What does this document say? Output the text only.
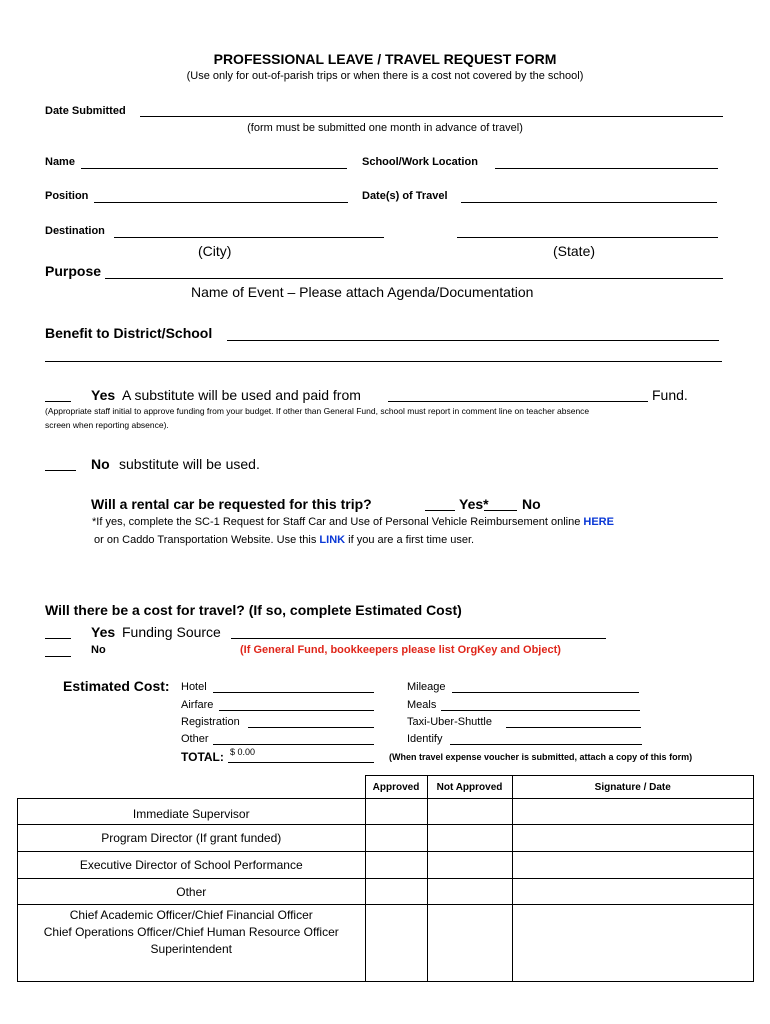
PROFESSIONAL LEAVE / TRAVEL REQUEST FORM
(Use only for out-of-parish trips or when there is a cost not covered by the school)
Date Submitted
(form must be submitted one month in advance of travel)
Name	School/Work Location
Position	Date(s) of Travel
Destination
(City)	(State)
Purpose
Name of Event – Please attach Agenda/Documentation
Benefit to District/School
Yes A substitute will be used and paid from	Fund.
(Appropriate staff initial to approve funding from your budget. If other than General Fund, school must report in comment line on teacher absence
screen when reporting absence).
No substitute will be used.
Will a rental car be requested for this trip?	Yes* No
*If yes, complete the SC-1 Request for Staff Car and Use of Personal Vehicle Reimbursement online HERE
or on Caddo Transportation Website. Use this LINK if you are a first time user.
Will there be a cost for travel? (If so, complete Estimated Cost)
Yes Funding Source
No	(If General Fund, bookkeepers please list OrgKey and Object)
Estimated Cost: Hotel
Airfare
Registration
Other
Mileage
Meals
Taxi-Uber-Shuttle
Identify
TOTAL: $ 0.00	(When travel expense voucher is submitted, attach a copy of this form)
	Approved	Not Approved	Signature / Date
Immediate Supervisor			
Program Director (If grant funded)			
Executive Director of School Performance			
Other			

Chief Academic Officer/Chief Financial Officer
Chief Operations Officer/Chief Human Resource Officer
Superintendent			
